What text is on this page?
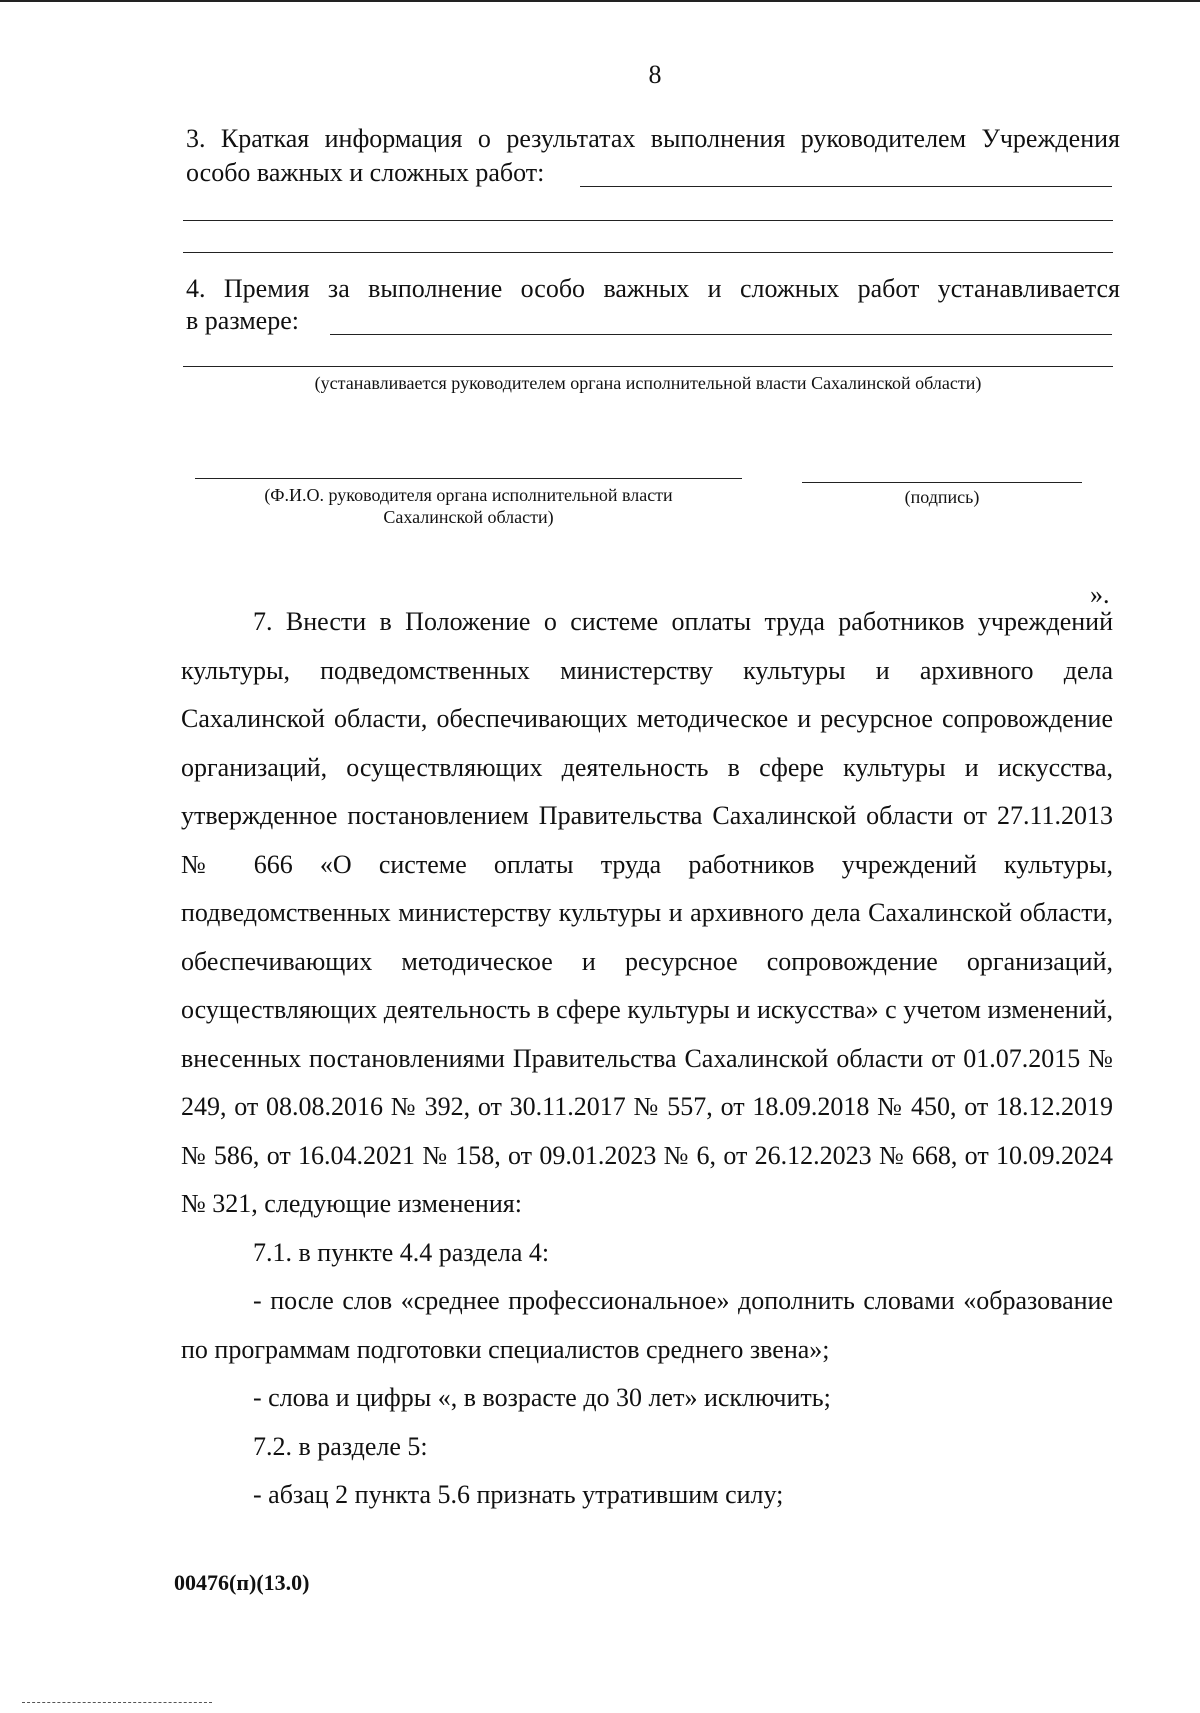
8
3. Краткая информация о результатах выполнения руководителем Учреждения
особо важных и сложных работ:
4. Премия за выполнение особо важных и сложных работ устанавливается
в размере:
(устанавливается руководителем органа исполнительной власти Сахалинской области)
(Ф.И.О. руководителя органа исполнительной власти
Сахалинской области)
(подпись)
».

7. Внести в Положение о системе оплаты труда работников учреждений культуры, подведомственных министерству культуры и архивного дела Сахалинской области, обеспечивающих методическое и ресурсное сопровождение организаций, осуществляющих деятельность в сфере культуры и искусства, утвержденное постановлением Правительства Сахалинской области от 27.11.2013 № 666 «О системе оплаты труда работников учреждений культуры, подведомственных министерству культуры и архивного дела Сахалинской области, обеспечивающих методическое и ресурсное сопровождение организаций, осуществляющих деятельность в сфере культуры и искусства» с учетом изменений, внесенных постановлениями Правительства Сахалинской области от 01.07.2015 № 249, от 08.08.2016 № 392, от 30.11.2017 № 557, от 18.09.2018 № 450, от 18.12.2019 № 586, от 16.04.2021 № 158, от 09.01.2023 № 6, от 26.12.2023 № 668, от 10.09.2024 № 321, следующие изменения:

7.1. в пункте 4.4 раздела 4:

- после слов «среднее профессиональное» дополнить словами «образование по программам подготовки специалистов среднего звена»;

- слова и цифры «, в возрасте до 30 лет» исключить;

7.2. в разделе 5:

- абзац 2 пункта 5.6 признать утратившим силу;

00476(п)(13.0)
